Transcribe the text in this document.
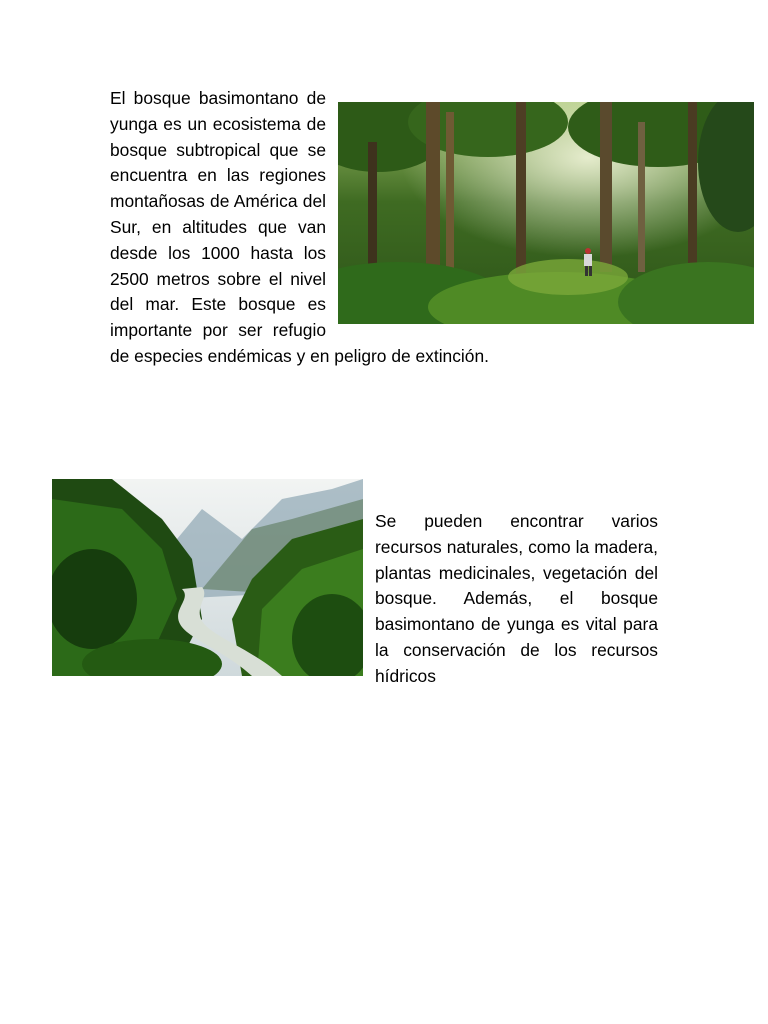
El bosque basimontano de yunga es un ecosistema de bosque subtropical que se encuentra en las regiones montañosas de América del Sur, en altitudes que van desde los 1000 hasta los 2500 metros sobre el nivel del mar. Este bosque es importante por ser refugio de especies endémicas y en peligro de extinción.

Se pueden encontrar varios recursos naturales, como la madera, plantas medicinales, vegetación del bosque. Además, el bosque basimontano de yunga es vital para la conservación de los recursos hídricos
